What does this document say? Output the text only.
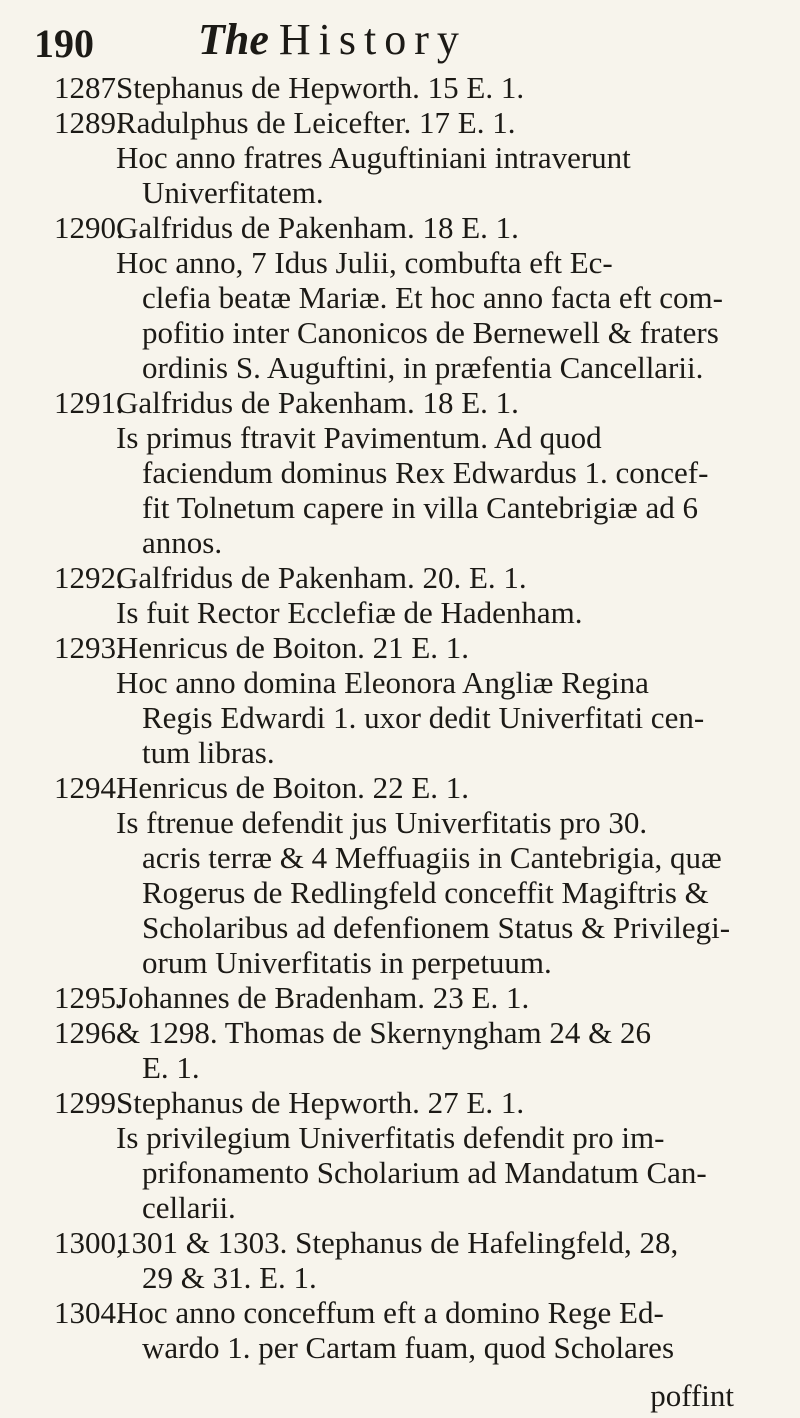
190 The History
1287.
Stephanus de Hepworth. 15 E. 1.
1289.
Radulphus de Leicefter. 17 E. 1.
Hoc anno fratres Auguftiniani intraverunt
Univerfitatem.
1290.
Galfridus de Pakenham. 18 E. 1.
Hoc anno, 7 Idus Julii, combufta eft Ec-
clefia beatæ Mariæ. Et hoc anno facta eft com-
pofitio inter Canonicos de Bernewell & fraters
ordinis S. Auguftini, in præfentia Cancellarii.
1291.
Galfridus de Pakenham. 18 E. 1.
Is primus ftravit Pavimentum. Ad quod
faciendum dominus Rex Edwardus 1. concef-
fit Tolnetum capere in villa Cantebrigiæ ad 6
annos.
1292.
Galfridus de Pakenham. 20. E. 1.
Is fuit Rector Ecclefiæ de Hadenham.
1293.
Henricus de Boiton. 21 E. 1.
Hoc anno domina Eleonora Angliæ Regina
Regis Edwardi 1. uxor dedit Univerfitati cen-
tum libras.
1294.
Henricus de Boiton. 22 E. 1.
Is ftrenue defendit jus Univerfitatis pro 30.
acris terræ & 4 Meffuagiis in Cantebrigia, quæ
Rogerus de Redlingfeld conceffit Magiftris &
Scholaribus ad defenfionem Status & Privilegi-
orum Univerfitatis in perpetuum.
1295.
Johannes de Bradenham. 23 E. 1.
1296 & 1298. Thomas de Skernyngham 24 & 26
E. 1.
1299.
Stephanus de Hepworth. 27 E. 1.
Is privilegium Univerfitatis defendit pro im-
prifonamento Scholarium ad Mandatum Can-
cellarii.
1300,
1301 & 1303. Stephanus de Hafelingfeld, 28,
29 & 31. E. 1.
1304.
Hoc anno conceffum eft a domino Rege Ed-
wardo 1. per Cartam fuam, quod Scholares
poffint
